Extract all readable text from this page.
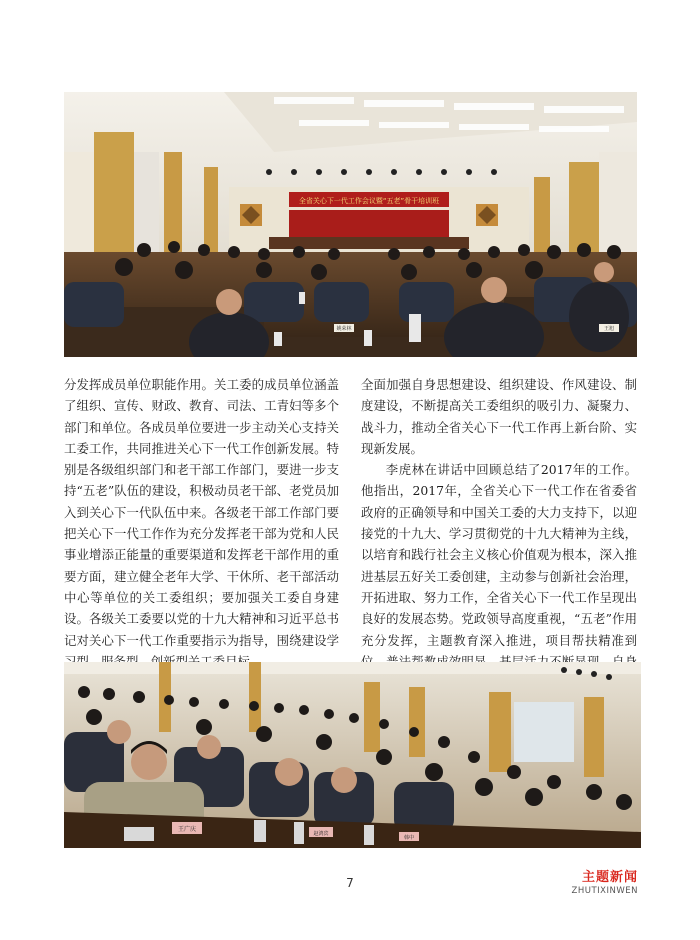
全省关心下一代工作会议暨“五老”骨干培训班
姚荣林	王旭

分发挥成员单位职能作用。关工委的成员单位涵盖了组织、宣传、财政、教育、司法、工青妇等多个部门和单位。各成员单位要进一步主动关心支持关工委工作，共同推进关心下一代工作创新发展。特别是各级组织部门和老干部工作部门，要进一步支持“五老”队伍的建设，积极动员老干部、老党员加入到关心下一代队伍中来。各级老干部工作部门要把关心下一代工作作为充分发挥老干部为党和人民事业增添正能量的重要渠道和发挥老干部作用的重要方面，建立健全老年大学、干休所、老干部活动中心等单位的关工委组织；要加强关工委自身建设。各级关工委要以党的十九大精神和习近平总书记对关心下一代工作重要指示为指导，围绕建设学

全面加强自身思想建设、组织建设、作风建设、制度建设，不断提高关工委组织的吸引力、凝聚力、战斗力，推动全省关心下一代工作再上新台阶、实现新发展。

李虎林在讲话中回顾总结了2017年的工作。他指出，2017年，全省关心下一代工作在省委省政府的正确领导和中国关工委的大力支持下，以迎接党的十九大、学习贯彻党的十九大精神为主线，以培育和践行社会主义核心价值观为根本，深入推进基层五好关工委创建，主动参与创新社会治理，开拓进取、努力工作，全省关心下一代工作呈现出良好的发展态势。党政领导高度重视，“五老”作用充分发挥，主题教育深入推进，项目帮扶精准到

王广庆
赵鸿宾
韩中
7	主题新闻
ZHUTIXINWEN
